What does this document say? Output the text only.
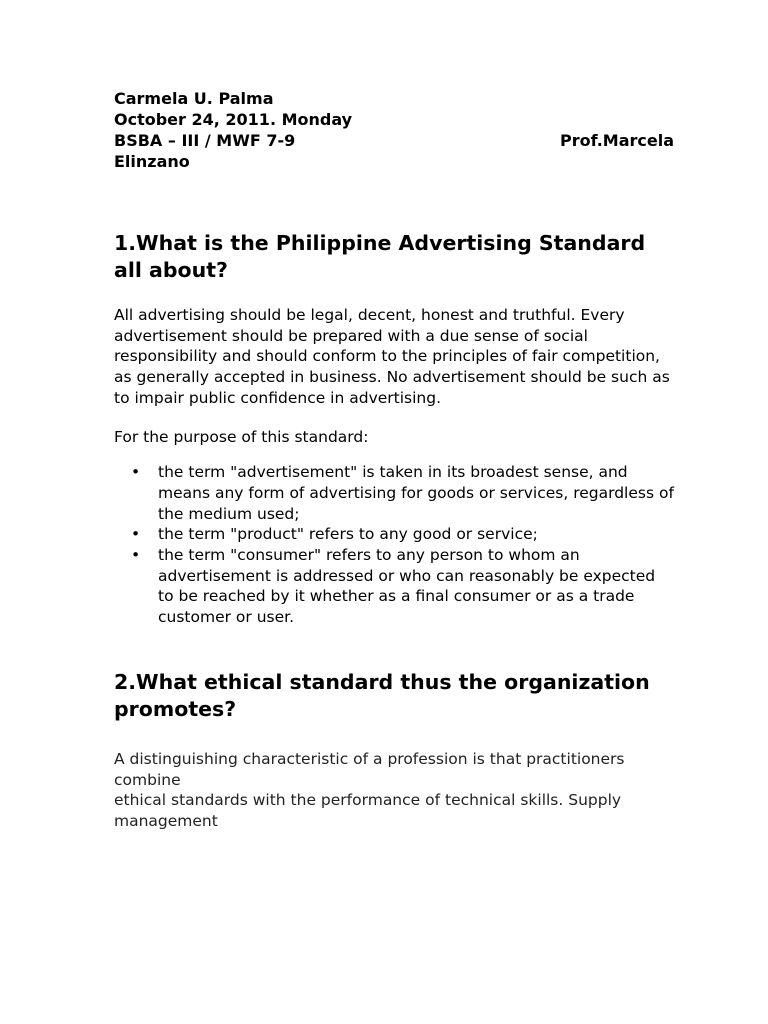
Carmela U. Palma
October 24, 2011. Monday
BSBA – III / MWF 7-9	Prof.Marcela
Elinzano
1.What is the Philippine Advertising Standard all about?

All advertising should be legal, decent, honest and truthful. Every advertisement should be prepared with a due sense of social responsibility and should conform to the principles of fair competition, as generally accepted in business. No advertisement should be such as to impair public confidence in advertising.

For the purpose of this standard:

• the term "advertisement" is taken in its broadest sense, and means any form of advertising for goods or services, regardless of the medium used;
• the term "product" refers to any good or service;
• the term "consumer" refers to any person to whom an advertisement is addressed or who can reasonably be expected to be reached by it whether as a final consumer or as a trade customer or user.
2.What ethical standard thus the organization promotes?

A distinguishing characteristic of a profession is that practitioners combine
ethical standards with the performance of technical skills. Supply management
